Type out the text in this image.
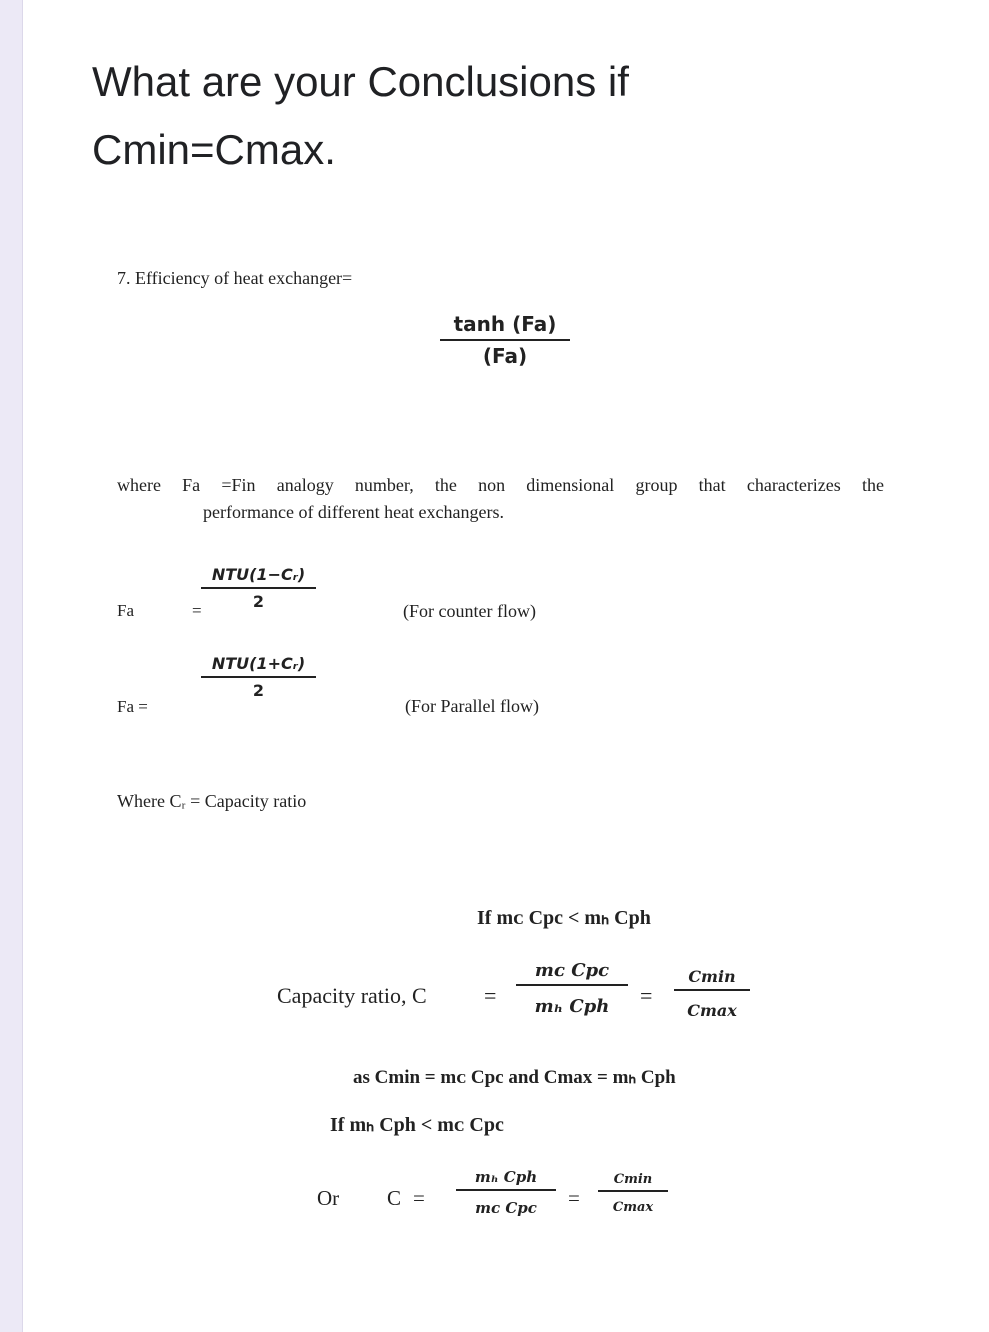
What are your Conclusions if
Cmin=Cmax.
7. Efficiency of heat exchanger=
$\frac{\tanh (Fa)}{(Fa)}$
where Fa =Fin analogy number, the non dimensional group that characterizes the
performance of different heat exchangers.
Fa	=
NTU(1−Cᵣ)
2	(For counter flow)
NTU(1+Cᵣ)
2
Fa =	(For Parallel flow)
Where Cᵣ = Capacity ratio
If mᴄ Cpc < mₕ Cph
Capacity ratio, C	=
mᴄ Cpc
mₕ Cph	=
Cmin
Cmax
as Cmin = mᴄ Cpc and Cmax = mₕ Cph
If mₕ Cph < mᴄ Cpc
Or C =
mₕ Cph
mᴄ Cpc	=
Cmin
Cmax
